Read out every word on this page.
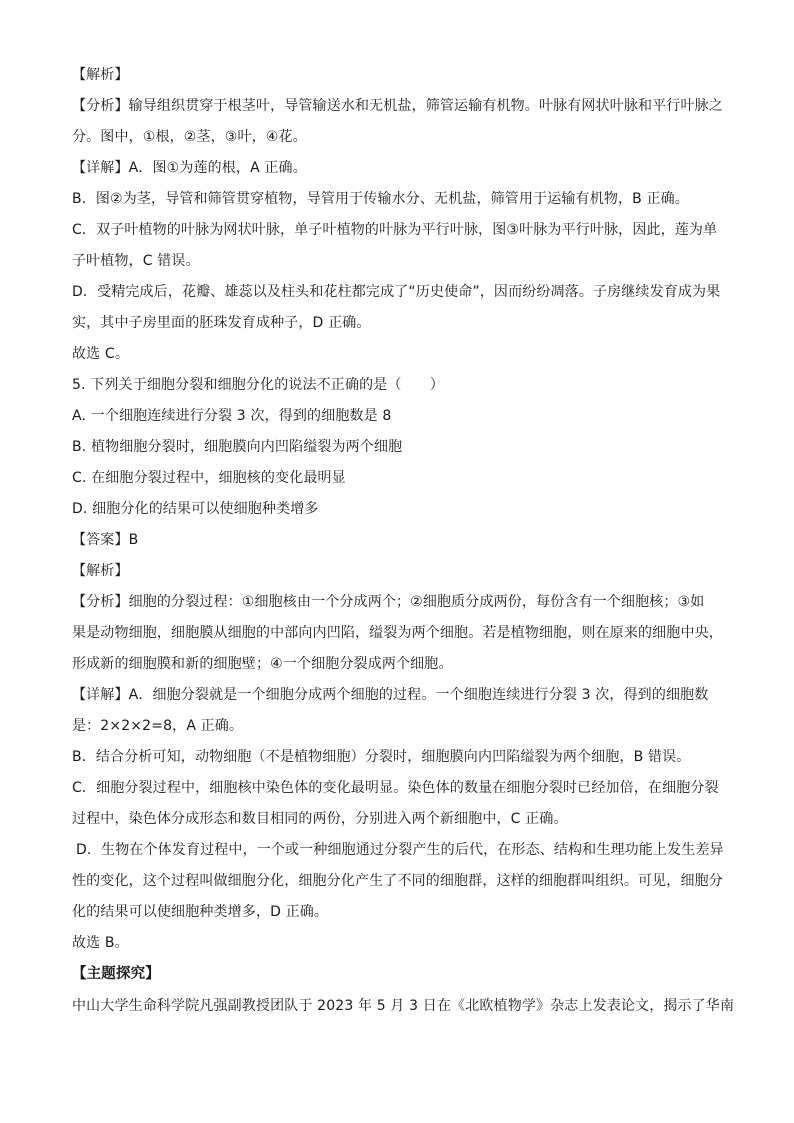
【解析】
【分析】输导组织贯穿于根茎叶，导管输送水和无机盐，筛管运输有机物。叶脉有网状叶脉和平行叶脉之
分。图中，①根，②茎，③叶，④花。
【详解】A．图①为莲的根，A 正确。
B．图②为茎，导管和筛管贯穿植物，导管用于传输水分、无机盐，筛管用于运输有机物，B 正确。
C．双子叶植物的叶脉为网状叶脉，单子叶植物的叶脉为平行叶脉，图③叶脉为平行叶脉，因此，莲为单
子叶植物，C 错误。
D．受精完成后，花瓣、雄蕊以及柱头和花柱都完成了“历史使命”，因而纷纷凋落。子房继续发育成为果
实，其中子房里面的胚珠发育成种子，D 正确。
故选 C。
5. 下列关于细胞分裂和细胞分化的说法不正确的是（　　）
A. 一个细胞连续进行分裂 3 次，得到的细胞数是 8
B. 植物细胞分裂时，细胞膜向内凹陷缢裂为两个细胞
C. 在细胞分裂过程中，细胞核的变化最明显
D. 细胞分化的结果可以使细胞种类增多
【答案】B
【解析】
【分析】细胞的分裂过程：①细胞核由一个分成两个；②细胞质分成两份，每份含有一个细胞核；③如
果是动物细胞，细胞膜从细胞的中部向内凹陷，缢裂为两个细胞。若是植物细胞，则在原来的细胞中央，
形成新的细胞膜和新的细胞壁；④一个细胞分裂成两个细胞。
【详解】A．细胞分裂就是一个细胞分成两个细胞的过程。一个细胞连续进行分裂 3 次，得到的细胞数
是：2×2×2=8，A 正确。
B．结合分析可知，动物细胞（不是植物细胞）分裂时，细胞膜向内凹陷缢裂为两个细胞，B 错误。
C．细胞分裂过程中，细胞核中染色体的变化最明显。染色体的数量在细胞分裂时已经加倍，在细胞分裂
过程中，染色体分成形态和数目相同的两份，分别进入两个新细胞中，C 正确。
D．生物在个体发育过程中，一个或一种细胞通过分裂产生的后代，在形态、结构和生理功能上发生差异
性的变化，这个过程叫做细胞分化，细胞分化产生了不同的细胞群，这样的细胞群叫组织。可见，细胞分
化的结果可以使细胞种类增多，D 正确。
故选 B。
【主题探究】
中山大学生命科学院凡强副教授团队于 2023 年 5 月 3 日在《北欧植物学》杂志上发表论文，揭示了华南
